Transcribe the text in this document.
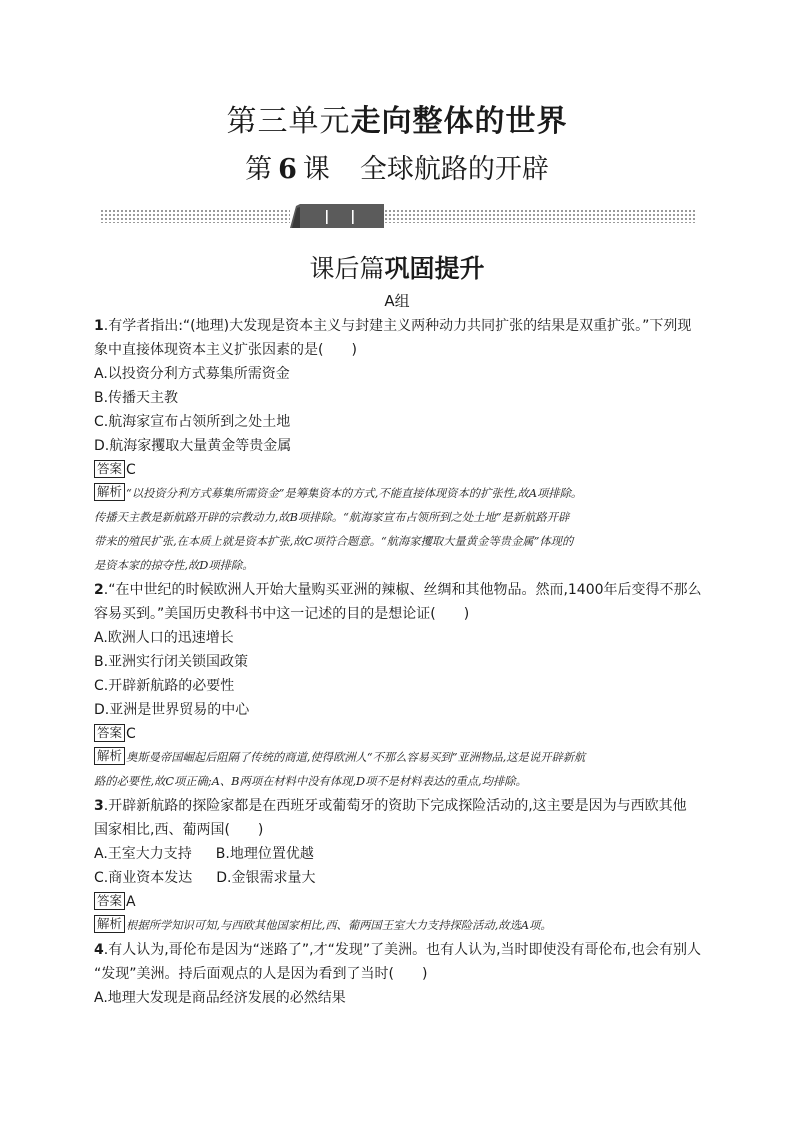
第三单元走向整体的世界
第 6 课 全球航路的开辟
课后篇巩固提升
A组
1.有学者指出:“(地理)大发现是资本主义与封建主义两种动力共同扩张的结果是双重扩张。”下列现
象中直接体现资本主义扩张因素的是(　　)
A.以投资分利方式募集所需资金
B.传播天主教
C.航海家宣布占领所到之处土地
D.航海家攫取大量黄金等贵金属
答案 C
解析 “以投资分利方式募集所需资金”是筹集资本的方式,不能直接体现资本的扩张性,故A项排除。
传播天主教是新航路开辟的宗教动力,故B项排除。“航海家宣布占领所到之处土地”是新航路开辟
带来的殖民扩张,在本质上就是资本扩张,故C项符合题意。“航海家攫取大量黄金等贵金属”体现的
是资本家的掠夺性,故D项排除。
2.“在中世纪的时候欧洲人开始大量购买亚洲的辣椒、丝绸和其他物品。然而,1400年后变得不那么
容易买到。”美国历史教科书中这一记述的目的是想论证(　　)
A.欧洲人口的迅速增长
B.亚洲实行闭关锁国政策
C.开辟新航路的必要性
D.亚洲是世界贸易的中心
答案 C
解析 奥斯曼帝国崛起后阻隔了传统的商道,使得欧洲人“不那么容易买到”亚洲物品,这是说开辟新航
路的必要性,故C项正确;A、B两项在材料中没有体现,D项不是材料表达的重点,均排除。
3.开辟新航路的探险家都是在西班牙或葡萄牙的资助下完成探险活动的,这主要是因为与西欧其他
国家相比,西、葡两国(　　)
A.王室大力支持 B.地理位置优越
C.商业资本发达 D.金银需求量大
答案 A
解析 根据所学知识可知,与西欧其他国家相比,西、葡两国王室大力支持探险活动,故选A项。
4.有人认为,哥伦布是因为“迷路了”,才“发现”了美洲。也有人认为,当时即使没有哥伦布,也会有别人
“发现”美洲。持后面观点的人是因为看到了当时(　　)
A.地理大发现是商品经济发展的必然结果
